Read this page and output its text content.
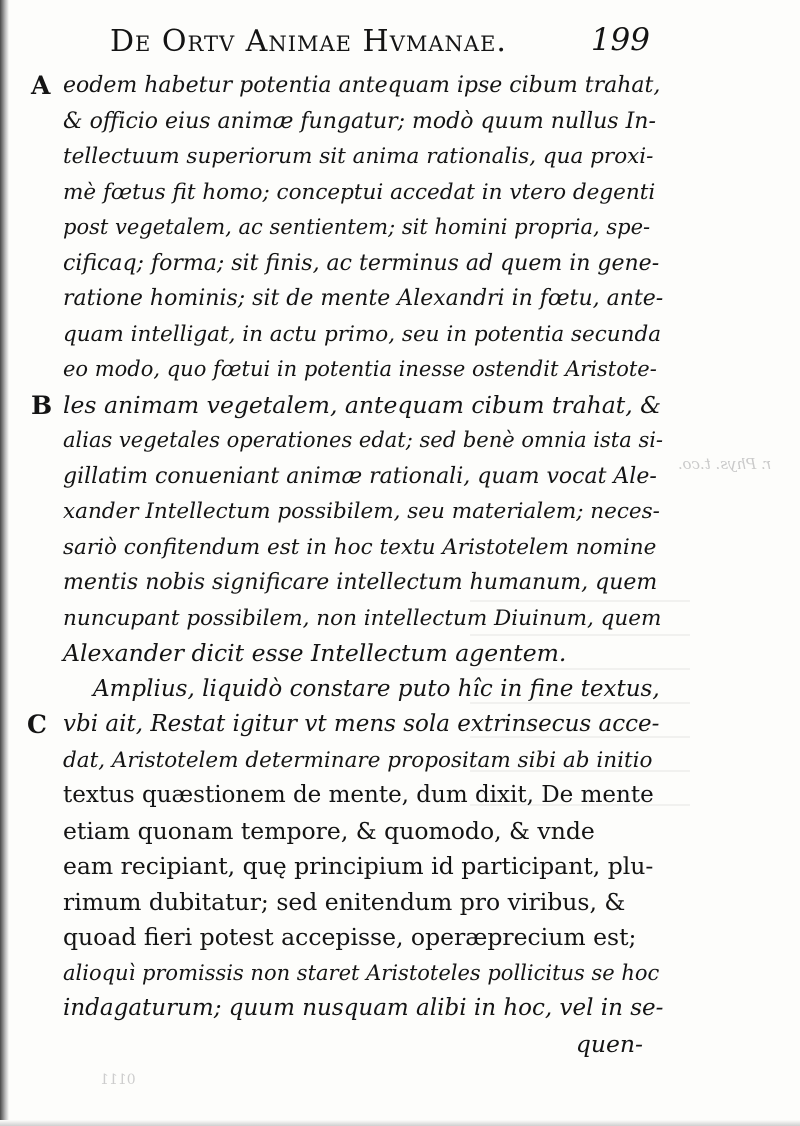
r. Phys. t.co.
0111
De Ortv Animae Hvmanae.	199
A eodem habetur potentia antequam ipse cibum trahat,
& officio eius animæ fungatur; modò quum nullus In-
tellectuum superiorum sit anima rationalis, qua proxi-
mè fœtus fit homo; conceptui accedat in vtero degenti
post vegetalem, ac sentientem; sit homini propria, spe-
cificaq; forma; sit finis, ac terminus ad quem in gene-
ratione hominis; sit de mente Alexandri in fœtu, ante-
quam intelligat, in actu primo, seu in potentia secunda
eo modo, quo fœtui in potentia inesse ostendit Aristote-
B les animam vegetalem, antequam cibum trahat, &
alias vegetales operationes edat; sed benè omnia ista si-
gillatim conueniant animæ rationali, quam vocat Ale-
xander Intellectum possibilem, seu materialem; neces-
sariò confitendum est in hoc textu Aristotelem nomine
mentis nobis significare intellectum humanum, quem
nuncupant possibilem, non intellectum Diuinum, quem
Alexander dicit esse Intellectum agentem.
Amplius, liquidò constare puto hîc in fine textus,
C vbi ait, Restat igitur vt mens sola extrinsecus acce-
dat, Aristotelem determinare propositam sibi ab initio
textus quæstionem de mente, dum dixit, De mente
etiam quonam tempore, & quomodo, & vnde
eam recipiant, quę principium id participant, plu-
rimum dubitatur; sed enitendum pro viribus, &
quoad fieri potest accepisse, operæprecium est;
alioquì promissis non staret Aristoteles pollicitus se hoc
indagaturum; quum nusquam alibi in hoc, vel in se-
quen-
